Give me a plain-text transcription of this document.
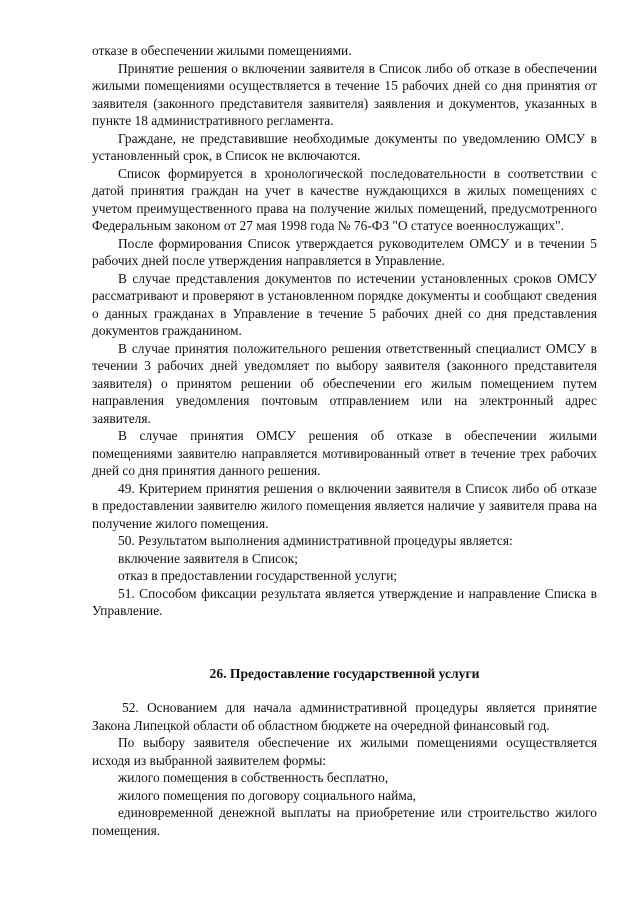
отказе в обеспечении жилыми помещениями.

Принятие решения о включении заявителя в Список либо об отказе в обеспечении жилыми помещениями осуществляется в течение 15 рабочих дней со дня принятия от заявителя (законного представителя заявителя) заявления и документов, указанных в пункте 18 административного регламента.

Граждане, не представившие необходимые документы по уведомлению ОМСУ в установленный срок, в Список не включаются.

Список формируется в хронологической последовательности в соответствии с датой принятия граждан на учет в качестве нуждающихся в жилых помещениях с учетом преимущественного права на получение жилых помещений, предусмотренного Федеральным законом от 27 мая 1998 года № 76-ФЗ "О статусе военнослужащих".

После формирования Список утверждается руководителем ОМСУ и в течении 5 рабочих дней после утверждения направляется в Управление.

В случае представления документов по истечении установленных сроков ОМСУ рассматривают и проверяют в установленном порядке документы и сообщают сведения о данных гражданах в Управление в течение 5 рабочих дней со дня представления документов гражданином.

В случае принятия положительного решения ответственный специалист ОМСУ в течении 3 рабочих дней уведомляет по выбору заявителя (законного представителя заявителя) о принятом решении об обеспечении его жилым помещением путем направления уведомления почтовым отправлением или на электронный адрес заявителя.

В случае принятия ОМСУ решения об отказе в обеспечении жилыми помещениями заявителю направляется мотивированный ответ в течение трех рабочих дней со дня принятия данного решения.

49. Критерием принятия решения о включении заявителя в Список либо об отказе в предоставлении заявителю жилого помещения является наличие у заявителя права на получение жилого помещения.

50. Результатом выполнения административной процедуры является:

включение заявителя в Список;

отказ в предоставлении государственной услуги;

51. Способом фиксации результата является утверждение и направление Списка в Управление.

26. Предоставление государственной услуги

52. Основанием для начала административной процедуры является принятие Закона Липецкой области об областном бюджете на очередной финансовый год.

По выбору заявителя обеспечение их жилыми помещениями осуществляется исходя из выбранной заявителем формы:

жилого помещения в собственность бесплатно,

жилого помещения по договору социального найма,

единовременной денежной выплаты на приобретение или строительство жилого помещения.
